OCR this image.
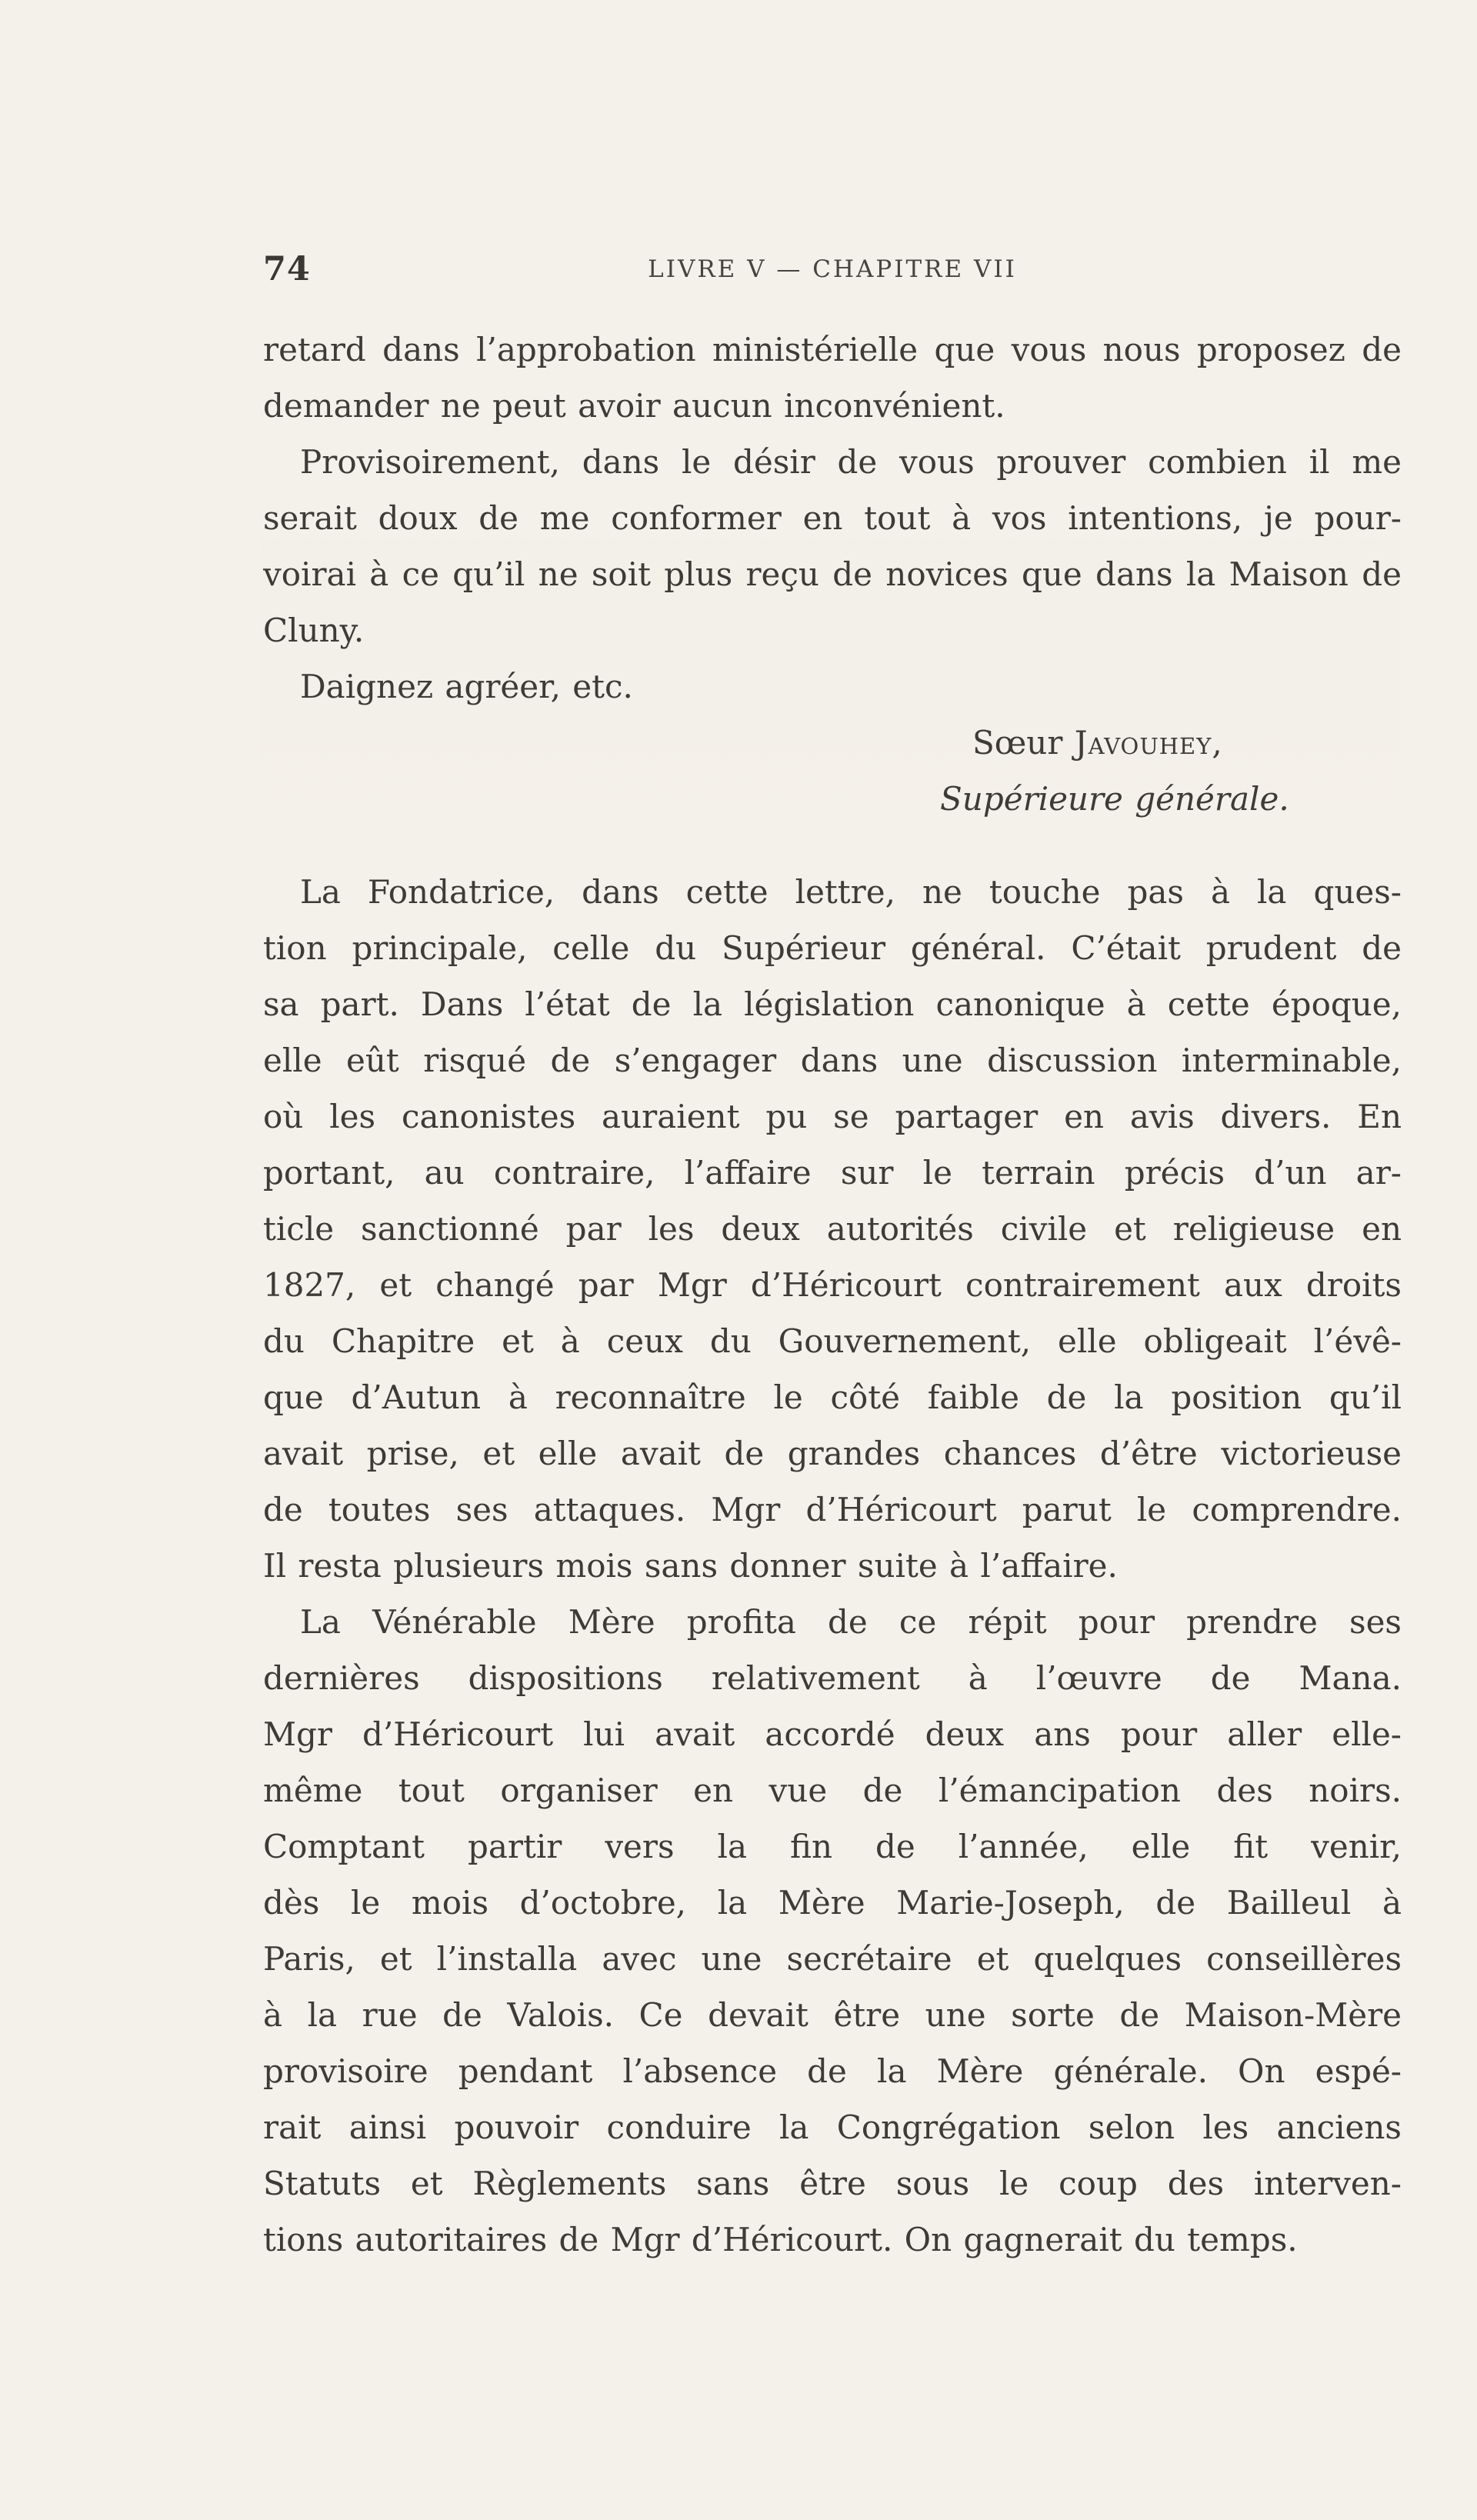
74	LIVRE V — CHAPITRE VII
retard dans l’approbation ministérielle que vous nous proposez de
demander ne peut avoir aucun inconvénient.
Provisoirement, dans le désir de vous prouver combien il me
serait doux de me conformer en tout à vos intentions, je pour-
voirai à ce qu’il ne soit plus reçu de novices que dans la Maison de
Cluny.
Daignez agréer, etc.
Sœur Javouhey,
Supérieure générale.
La Fondatrice, dans cette lettre, ne touche pas à la ques-
tion principale, celle du Supérieur général. C’était prudent de
sa part. Dans l’état de la législation canonique à cette époque,
elle eût risqué de s’engager dans une discussion interminable,
où les canonistes auraient pu se partager en avis divers. En
portant, au contraire, l’affaire sur le terrain précis d’un ar-
ticle sanctionné par les deux autorités civile et religieuse en
1827, et changé par Mgr d’Héricourt contrairement aux droits
du Chapitre et à ceux du Gouvernement, elle obligeait l’évê-
que d’Autun à reconnaître le côté faible de la position qu’il
avait prise, et elle avait de grandes chances d’être victorieuse
de toutes ses attaques. Mgr d’Héricourt parut le comprendre.
Il resta plusieurs mois sans donner suite à l’affaire.
La Vénérable Mère profita de ce répit pour prendre ses
dernières dispositions relativement à l’œuvre de Mana.
Mgr d’Héricourt lui avait accordé deux ans pour aller elle-
même tout organiser en vue de l’émancipation des noirs.
Comptant partir vers la fin de l’année, elle fit venir,
dès le mois d’octobre, la Mère Marie-Joseph, de Bailleul à
Paris, et l’installa avec une secrétaire et quelques conseillères
à la rue de Valois. Ce devait être une sorte de Maison-Mère
provisoire pendant l’absence de la Mère générale. On espé-
rait ainsi pouvoir conduire la Congrégation selon les anciens
Statuts et Règlements sans être sous le coup des interven-
tions autoritaires de Mgr d’Héricourt. On gagnerait du temps.
